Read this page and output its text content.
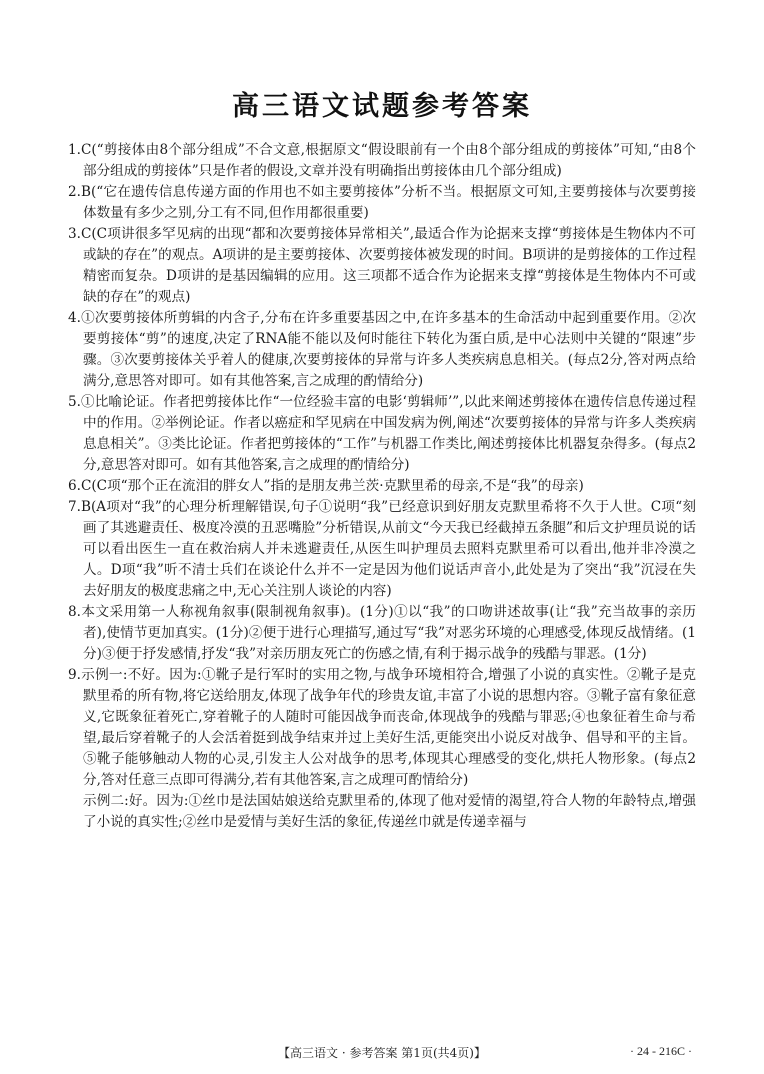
高三语文试题参考答案

1.C(“剪接体由8个部分组成”不合文意,根据原文“假设眼前有一个由8个部分组成的剪接体”可知,“由8个部分组成的剪接体”只是作者的假设,文章并没有明确指出剪接体由几个部分组成)

2.B(“它在遗传信息传递方面的作用也不如主要剪接体”分析不当。根据原文可知,主要剪接体与次要剪接体数量有多少之别,分工有不同,但作用都很重要)

3.C(C项讲很多罕见病的出现“都和次要剪接体异常相关”,最适合作为论据来支撑“剪接体是生物体内不可或缺的存在”的观点。A项讲的是主要剪接体、次要剪接体被发现的时间。B项讲的是剪接体的工作过程精密而复杂。D项讲的是基因编辑的应用。这三项都不适合作为论据来支撑“剪接体是生物体内不可或缺的存在”的观点)

4.①次要剪接体所剪辑的内含子,分布在许多重要基因之中,在许多基本的生命活动中起到重要作用。②次要剪接体“剪”的速度,决定了RNA能不能以及何时能往下转化为蛋白质,是中心法则中关键的“限速”步骤。③次要剪接体关乎着人的健康,次要剪接体的异常与许多人类疾病息息相关。(每点2分,答对两点给满分,意思答对即可。如有其他答案,言之成理的酌情给分)

5.①比喻论证。作者把剪接体比作“一位经验丰富的电影‘剪辑师’”,以此来阐述剪接体在遗传信息传递过程中的作用。②举例论证。作者以癌症和罕见病在中国发病为例,阐述“次要剪接体的异常与许多人类疾病息息相关”。③类比论证。作者把剪接体的“工作”与机器工作类比,阐述剪接体比机器复杂得多。(每点2分,意思答对即可。如有其他答案,言之成理的酌情给分)

6.C(C项“那个正在流泪的胖女人”指的是朋友弗兰茨·克默里希的母亲,不是“我”的母亲)

7.B(A项对“我”的心理分析理解错误,句子①说明“我”已经意识到好朋友克默里希将不久于人世。C项“刻画了其逃避责任、极度冷漠的丑恶嘴脸”分析错误,从前文“今天我已经截掉五条腿”和后文护理员说的话可以看出医生一直在救治病人并未逃避责任,从医生叫护理员去照料克默里希可以看出,他并非冷漠之人。D项“我”听不清士兵们在谈论什么并不一定是因为他们说话声音小,此处是为了突出“我”沉浸在失去好朋友的极度悲痛之中,无心关注别人谈论的内容)

8.本文采用第一人称视角叙事(限制视角叙事)。(1分)①以“我”的口吻讲述故事(让“我”充当故事的亲历者),使情节更加真实。(1分)②便于进行心理描写,通过写“我”对恶劣环境的心理感受,体现反战情绪。(1分)③便于抒发感情,抒发“我”对亲历朋友死亡的伤感之情,有利于揭示战争的残酷与罪恶。(1分)

9.示例一:不好。因为:①靴子是行军时的实用之物,与战争环境相符合,增强了小说的真实性。②靴子是克默里希的所有物,将它送给朋友,体现了战争年代的珍贵友谊,丰富了小说的思想内容。③靴子富有象征意义,它既象征着死亡,穿着靴子的人随时可能因战争而丧命,体现战争的残酷与罪恶;④也象征着生命与希望,最后穿着靴子的人会活着挺到战争结束并过上美好生活,更能突出小说反对战争、倡导和平的主旨。⑤靴子能够触动人物的心灵,引发主人公对战争的思考,体现其心理感受的变化,烘托人物形象。(每点2分,答对任意三点即可得满分,若有其他答案,言之成理可酌情给分)

示例二:好。因为:①丝巾是法国姑娘送给克默里希的,体现了他对爱情的渴望,符合人物的年龄特点,增强了小说的真实性;②丝巾是爱情与美好生活的象征,传递丝巾就是传递幸福与

【高三语文 · 参考答案 第1页(共4页)】	· 24 - 216C ·
